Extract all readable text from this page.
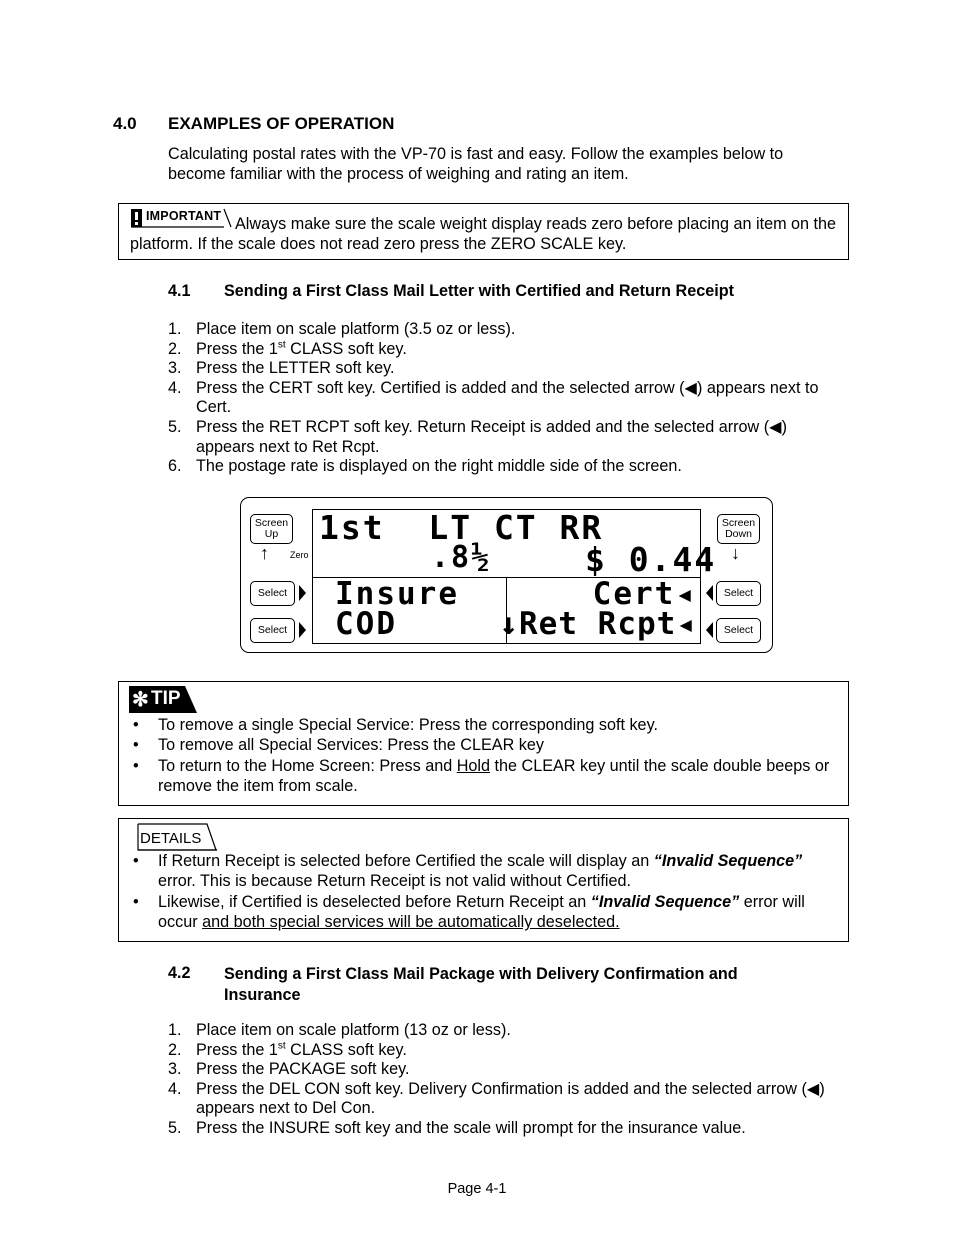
4.0 EXAMPLES OF OPERATION
Calculating postal rates with the VP-70 is fast and easy. Follow the examples below to become familiar with the process of weighing and rating an item.
IMPORTANT Always make sure the scale weight display reads zero before placing an item on the platform. If the scale does not read zero press the ZERO SCALE key.
4.1 Sending a First Class Mail Letter with Certified and Return Receipt
1. Place item on scale platform (3.5 oz or less).
2. Press the 1st CLASS soft key.
3. Press the LETTER soft key.
4. Press the CERT soft key. Certified is added and the selected arrow (◀) appears next to Cert.
5. Press the RET RCPT soft key. Return Receipt is added and the selected arrow (◀) appears next to Ret Rcpt.
6. The postage rate is displayed on the right middle side of the screen.
Screen
Up
↑ Zero
Select
Select
1st  LT CT RR
.8½	$ 0.44
Insure
COD
Cert◂
↓Ret Rcpt◂
Screen
Down
↓
Select
Select
✻ TIP
• To remove a single Special Service: Press the corresponding soft key.
• To remove all Special Services: Press the CLEAR key
• To return to the Home Screen: Press and Hold the CLEAR key until the scale double beeps or remove the item from scale.
DETAILS
• If Return Receipt is selected before Certified the scale will display an “Invalid Sequence” error. This is because Return Receipt is not valid without Certified.
• Likewise, if Certified is deselected before Return Receipt an “Invalid Sequence” error will occur and both special services will be automatically deselected.
4.2 Sending a First Class Mail Package with Delivery Confirmation and Insurance
1. Place item on scale platform (13 oz or less).
2. Press the 1st CLASS soft key.
3. Press the PACKAGE soft key.
4. Press the DEL CON soft key. Delivery Confirmation is added and the selected arrow (◀) appears next to Del Con.
5. Press the INSURE soft key and the scale will prompt for the insurance value.
Page 4-1
